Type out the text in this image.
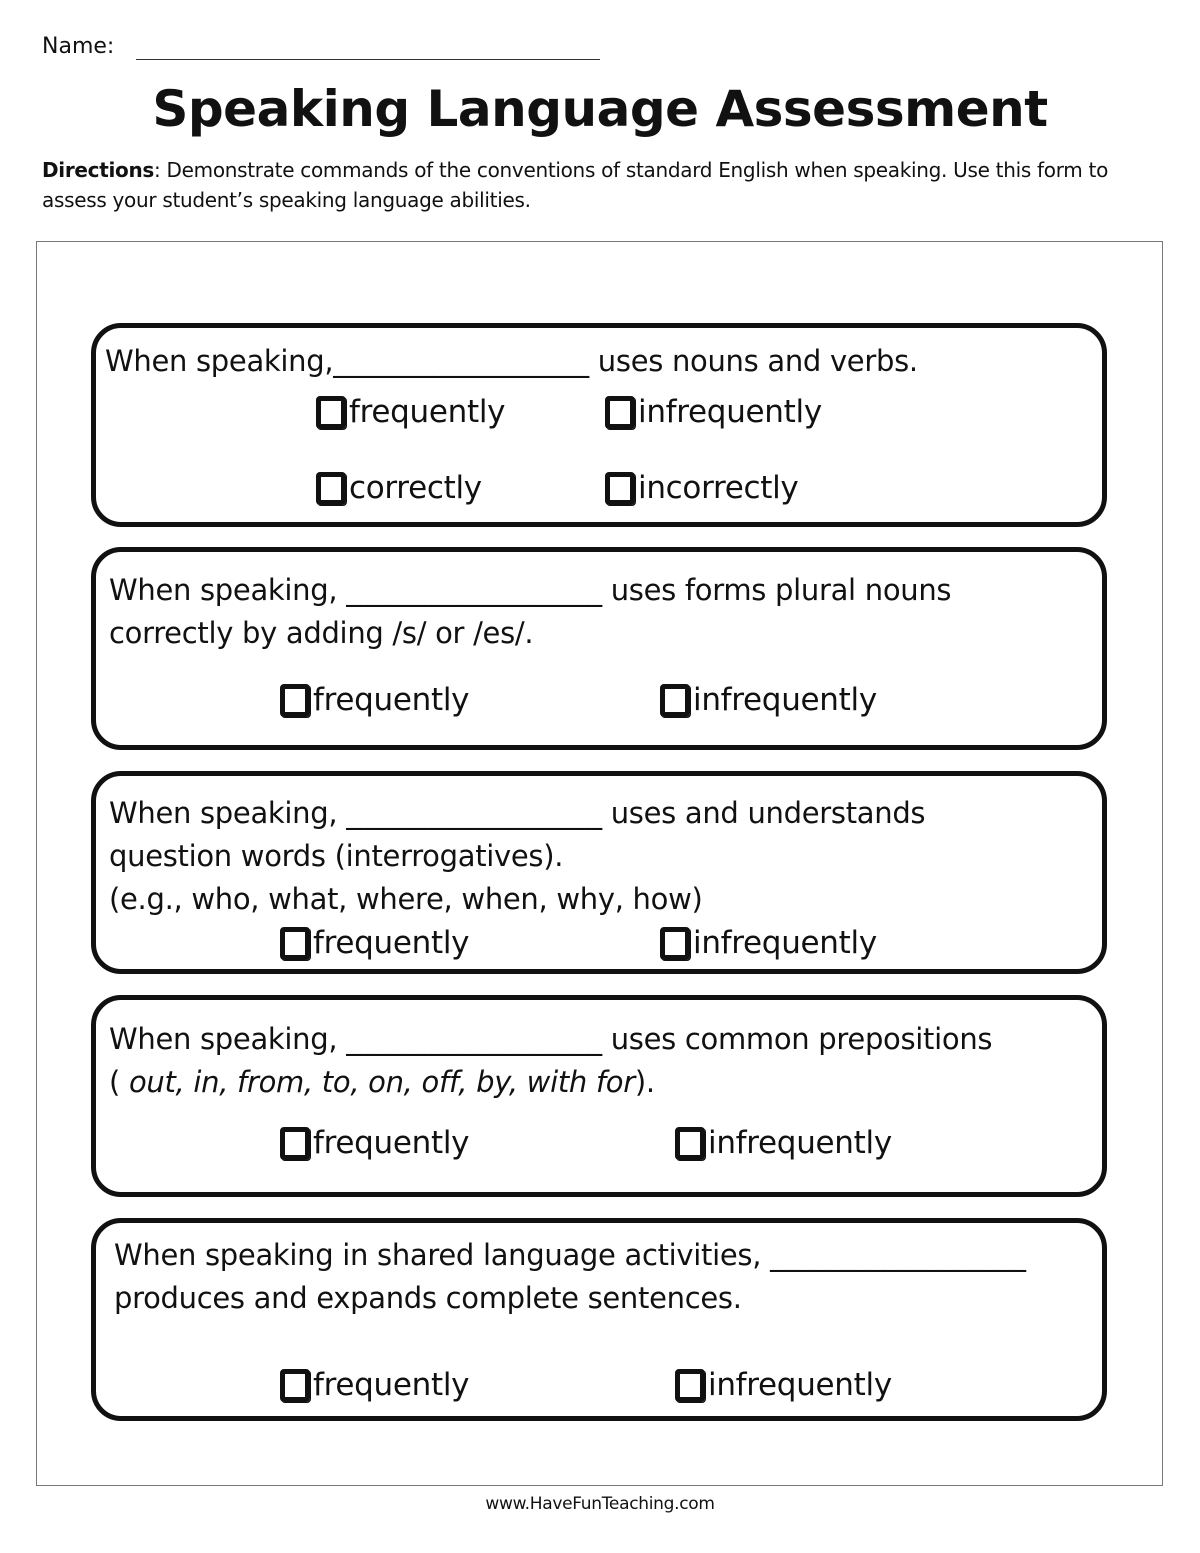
Name:
Speaking Language Assessment
Directions: Demonstrate commands of the conventions of standard English when speaking. Use this form to assess your student’s speaking language abilities.
When speaking,__________________ uses nouns and verbs.
frequently	infrequently
correctly	incorrectly
When speaking, __________________ uses forms plural nouns
correctly by adding /s/ or /es/.
frequently	infrequently
When speaking, __________________ uses and understands
question words (interrogatives).
(e.g., who, what, where, when, why, how)
frequently	infrequently
When speaking, __________________ uses common prepositions
( out, in, from, to, on, off, by, with for).
frequently	infrequently
When speaking in shared language activities, __________________
produces and expands complete sentences.
frequently	infrequently
www.HaveFunTeaching.com
